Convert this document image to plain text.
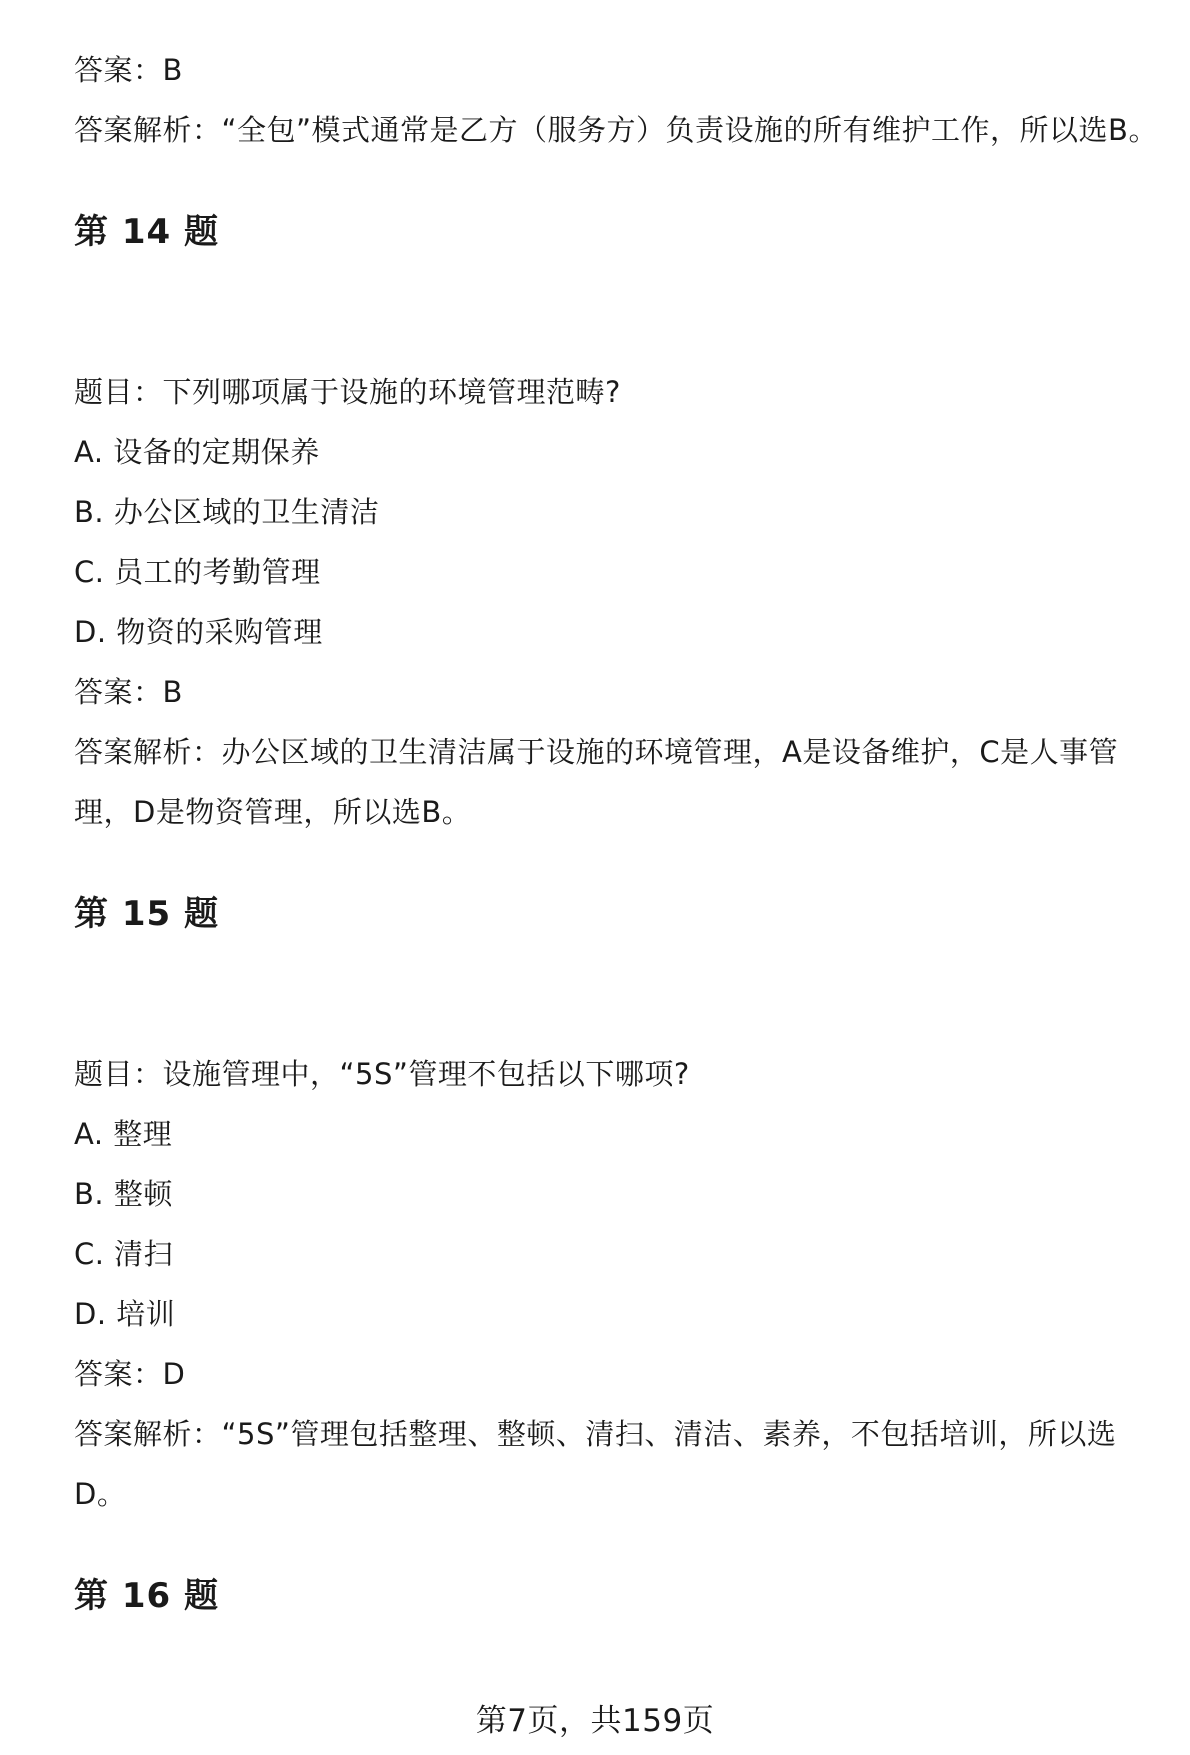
答案：B
答案解析：“全包”模式通常是乙方（服务方）负责设施的所有维护工作，所以选B。
第 14 题
题目：下列哪项属于设施的环境管理范畴?
A. 设备的定期保养
B. 办公区域的卫生清洁
C. 员工的考勤管理
D. 物资的采购管理
答案：B
答案解析：办公区域的卫生清洁属于设施的环境管理，A是设备维护，C是人事管
理，D是物资管理，所以选B。
第 15 题
题目：设施管理中，“5S”管理不包括以下哪项?
A. 整理
B. 整顿
C. 清扫
D. 培训
答案：D
答案解析：“5S”管理包括整理、整顿、清扫、清洁、素养，不包括培训，所以选
D。
第 16 题
第7页，共159页
